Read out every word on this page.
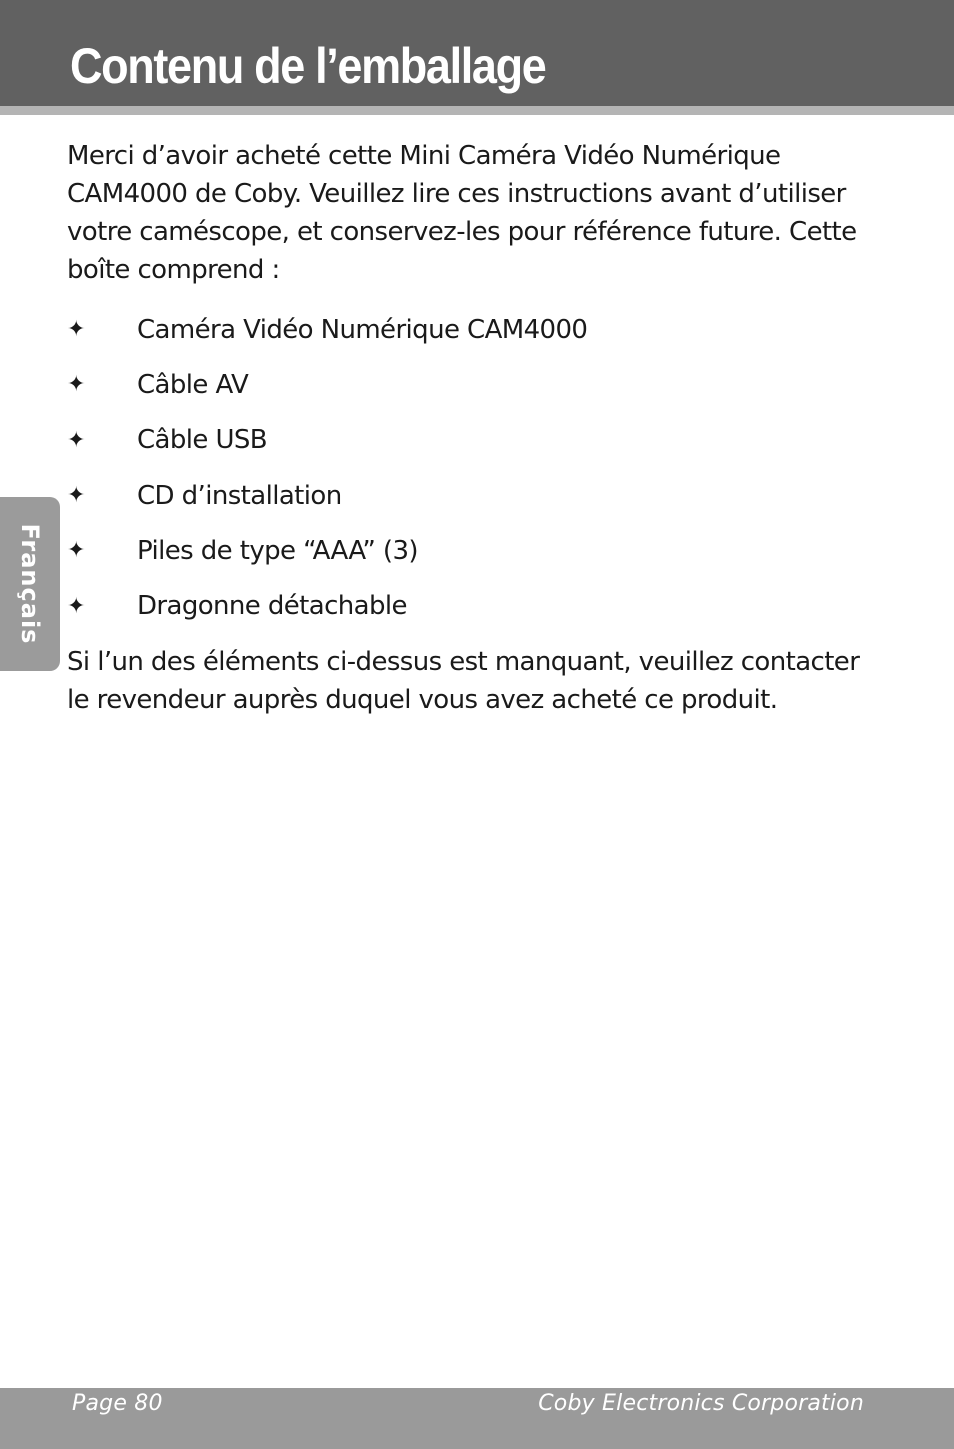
Contenu de l’emballage

Merci d’avoir acheté cette Mini Caméra Vidéo Numérique CAM4000 de Coby. Veuillez lire ces instructions avant d’utiliser votre caméscope, et conservez-les pour référence future. Cette boîte comprend :

✦	Caméra Vidéo Numérique CAM4000
✦	Câble AV
✦	Câble USB
✦	CD d’installation
✦	Piles de type “AAA” (3)
✦	Dragonne détachable

Si l’un des éléments ci-dessus est manquant, veuillez contacter le revendeur auprès duquel vous avez acheté ce produit.

Français
Page 80	Coby Electronics Corporation
